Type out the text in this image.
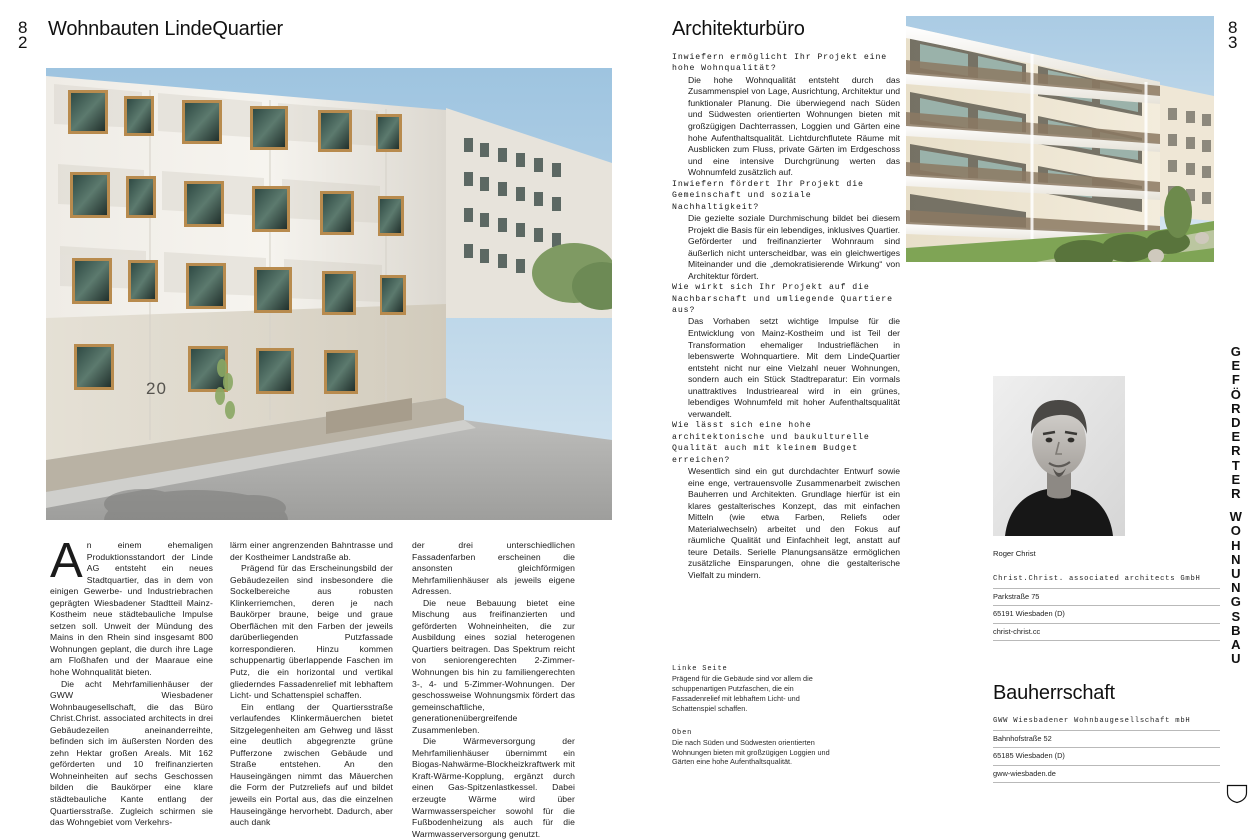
8
2
Wohnbauten LindeQuartier
20

An einem ehemaligen Produktionsstandort der Linde AG entsteht ein neues Stadtquartier, das in dem von einigen Gewerbe- und Industriebrachen geprägten Wiesbadener Stadtteil Mainz-Kostheim neue städtebauliche Impulse setzen soll. Unweit der Mündung des Mains in den Rhein sind insgesamt 800 Wohnungen geplant, die durch ihre Lage am Floßhafen und der Maaraue eine hohe Wohnqualität bieten.

Die acht Mehrfamilienhäuser der GWW Wiesbadener Wohnbaugesellschaft, die das Büro Christ.Christ. associated architects in drei Gebäudezeilen aneinanderreihte, befinden sich im äußersten Norden des zehn Hektar großen Areals. Mit 162 geförderten und 10 freifinanzierten Wohneinheiten auf sechs Geschossen bilden die Baukörper eine klare städtebauliche Kante entlang der Quartiersstraße. Zugleich schirmen sie das Wohngebiet vom Verkehrs-

lärm einer angrenzenden Bahntrasse und der Kostheimer Landstraße ab.

Prägend für das Erscheinungsbild der Gebäudezeilen sind insbesondere die Sockelbereiche aus robusten Klinkerriemchen, deren je nach Baukörper braune, beige und graue Oberflächen mit den Farben der jeweils darüberliegenden Putzfassade korrespondieren. Hinzu kommen schuppenartig überlappende Faschen im Putz, die ein horizontal und vertikal gliederndes Fassadenrelief mit lebhaftem Licht- und Schattenspiel schaffen.

Ein entlang der Quartiersstraße verlaufendes Klinkermäuerchen bietet Sitzgelegenheiten am Gehweg und lässt eine deutlich abgegrenzte grüne Pufferzone zwischen Gebäude und Straße entstehen. An den Hauseingängen nimmt das Mäuerchen die Form der Putzreliefs auf und bildet jeweils ein Portal aus, das die einzelnen Hauseingänge hervorhebt. Dadurch, aber auch dank

der drei unterschiedlichen Fassadenfarben erscheinen die ansonsten gleichförmigen Mehrfamilienhäuser als jeweils eigene Adressen.

Die neue Bebauung bietet eine Mischung aus freifinanzierten und geförderten Wohneinheiten, die zur Ausbildung eines sozial heterogenen Quartiers beitragen. Das Spektrum reicht von seniorengerechten 2-Zimmer-Wohnungen bis hin zu familiengerechten 3-, 4- und 5-Zimmer-Wohnungen. Der geschossweise Wohnungsmix fördert das gemeinschaftliche, generationenübergreifende Zusammenleben.

Die Wärmeversorgung der Mehrfamilienhäuser übernimmt ein Biogas-Nahwärme-Blockheizkraftwerk mit Kraft-Wärme-Kopplung, ergänzt durch einen Gas-Spitzenlastkessel. Dabei erzeugte Wärme wird über Warmwasserspeicher sowohl für die Fußbodenheizung als auch für die Warmwasserversorgung genutzt.

8
3
Architekturbüro

Inwiefern ermöglicht Ihr Projekt eine hohe Wohnqualität?

Die hohe Wohnqualität entsteht durch das Zusammenspiel von Lage, Ausrichtung, Architektur und funktionaler Planung. Die überwiegend nach Süden und Südwesten orientierten Wohnungen bieten mit großzügigen Dachterrassen, Loggien und Gärten eine hohe Aufenthaltsqualität. Lichtdurchflutete Räume mit Ausblicken zum Fluss, private Gärten im Erdgeschoss und eine intensive Durchgrünung werten das Wohnumfeld zusätzlich auf.

Inwiefern fördert Ihr Projekt die Gemeinschaft und soziale Nachhaltigkeit?

Die gezielte soziale Durchmischung bildet bei diesem Projekt die Basis für ein lebendiges, inklusives Quartier. Geförderter und freifinanzierter Wohnraum sind äußerlich nicht unterscheidbar, was ein gleichwertiges Miteinander und die „demokratisierende Wirkung“ von Architektur fördert.

Wie wirkt sich Ihr Projekt auf die Nachbarschaft und umliegende Quartiere aus?

Das Vorhaben setzt wichtige Impulse für die Entwicklung von Mainz-Kostheim und ist Teil der Transformation ehemaliger Industrieflächen in lebenswerte Wohnquartiere. Mit dem LindeQuartier entsteht nicht nur eine Vielzahl neuer Wohnungen, sondern auch ein Stück Stadtreparatur: Ein vormals unattraktives Industrieareal wird in ein grünes, lebendiges Wohnumfeld mit hoher Aufenthaltsqualität verwandelt.

Wie lässt sich eine hohe architektonische und baukulturelle Qualität auch mit kleinem Budget erreichen?

Wesentlich sind ein gut durchdachter Entwurf sowie eine enge, vertrauensvolle Zusammenarbeit zwischen Bauherren und Architekten. Grundlage hierfür ist ein klares gestalterisches Konzept, das mit einfachen Mitteln (wie etwa Farben, Reliefs oder Materialwechseln) arbeitet und den Fokus auf räumliche Qualität und Einfachheit legt, anstatt auf teure Details. Serielle Planungsansätze ermöglichen zusätzliche Einsparungen, ohne die gestalterische Vielfalt zu mindern.

Linke Seite

Prägend für die Gebäude sind vor allem die schuppenartigen Putzfaschen, die ein Fassadenrelief mit lebhaftem Licht- und Schattenspiel schaffen.

Oben

Die nach Süden und Südwesten orientierten Wohnungen bieten mit großzügigen Loggien und Gärten eine hohe Aufenthaltsqualität.

G
E
F
Ö
R
D
E
R
T
E
R
W
O
H
N
U
N
G
S
B
A
U
Roger Christ
Christ.Christ. associated architects GmbH
Parkstraße 75
65191 Wiesbaden (D)
christ-christ.cc
Bauherrschaft
GWW Wiesbadener Wohnbaugesellschaft mbH
Bahnhofstraße 52
65185 Wiesbaden (D)
gww-wiesbaden.de
